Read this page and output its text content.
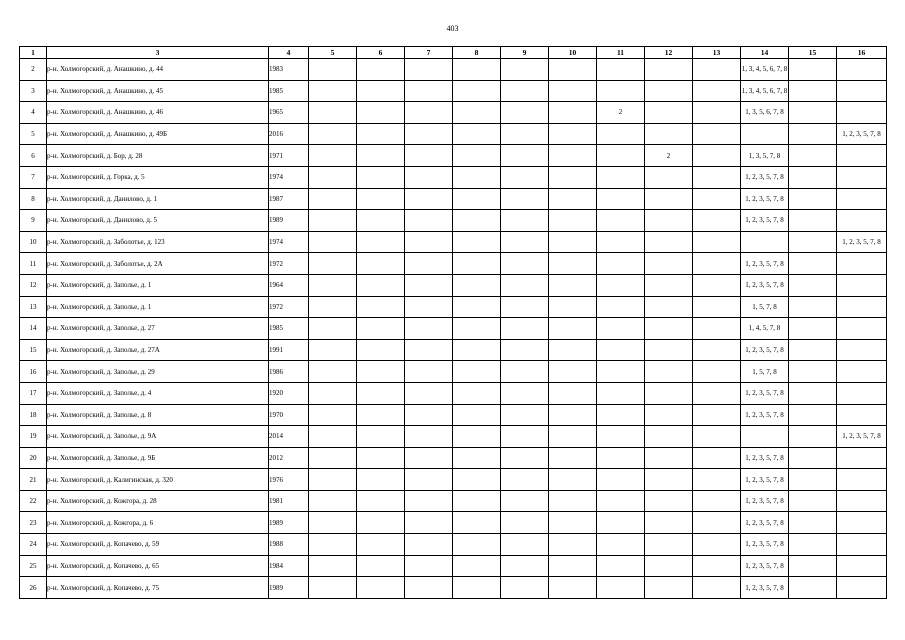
403
1	3	4	5	6	7	8	9	10	11	12	13	14	15	16
2	р-н. Холмогорский, д. Анашкино, д. 44	1983										1, 3, 4, 5, 6, 7, 8		
3	р-н. Холмогорский, д. Анашкино, д. 45	1985										1, 3, 4, 5, 6, 7, 8		
4	р-н. Холмогорский, д. Анашкино, д. 46	1965							2			1, 3, 5, 6, 7, 8		
5	р-н. Холмогорский, д. Анашкино, д. 49Б	2016												1, 2, 3, 5, 7, 8
6	р-н. Холмогорский, д. Бор, д. 28	1971								2		1, 3, 5, 7, 8		
7	р-н. Холмогорский, д. Горка, д. 5	1974										1, 2, 3, 5, 7, 8		
8	р-н. Холмогорский, д. Данилово, д. 1	1987										1, 2, 3, 5, 7, 8		
9	р-н. Холмогорский, д. Данилово, д. 5	1989										1, 2, 3, 5, 7, 8		
10	р-н. Холмогорский, д. Заболотье, д. 123	1974												1, 2, 3, 5, 7, 8
11	р-н. Холмогорский, д. Заболотье, д. 2А	1972										1, 2, 3, 5, 7, 8		
12	р-н. Холмогорский, д. Заполье, д. 1	1964										1, 2, 3, 5, 7, 8		
13	р-н. Холмогорский, д. Заполье, д. 1	1972										1, 5, 7, 8		
14	р-н. Холмогорский, д. Заполье, д. 27	1985										1, 4, 5, 7, 8		
15	р-н. Холмогорский, д. Заполье, д. 27А	1991										1, 2, 3, 5, 7, 8		
16	р-н. Холмогорский, д. Заполье, д. 29	1986										1, 5, 7, 8		
17	р-н. Холмогорский, д. Заполье, д. 4	1920										1, 2, 3, 5, 7, 8		
18	р-н. Холмогорский, д. Заполье, д. 8	1970										1, 2, 3, 5, 7, 8		
19	р-н. Холмогорский, д. Заполье, д. 9А	2014												1, 2, 3, 5, 7, 8
20	р-н. Холмогорский, д. Заполье, д. 9Б	2012										1, 2, 3, 5, 7, 8		
21	р-н. Холмогорский, д. Калигинская, д. 320	1976										1, 2, 3, 5, 7, 8		
22	р-н. Холмогорский, д. Кожгора, д. 28	1981										1, 2, 3, 5, 7, 8		
23	р-н. Холмогорский, д. Кожгора, д. 6	1989										1, 2, 3, 5, 7, 8		
24	р-н. Холмогорский, д. Копачево, д. 59	1988										1, 2, 3, 5, 7, 8		
25	р-н. Холмогорский, д. Копачево, д. 65	1984										1, 2, 3, 5, 7, 8		
26	р-н. Холмогорский, д. Копачево, д. 75	1989										1, 2, 3, 5, 7, 8		
